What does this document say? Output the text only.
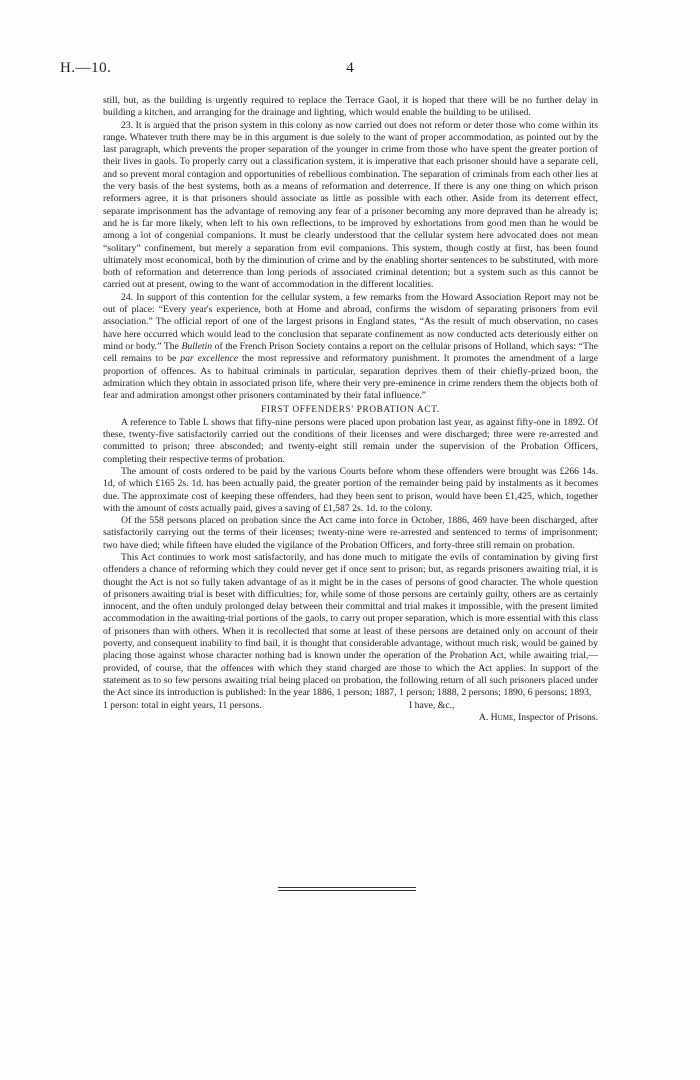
H.—10.	4

still, but, as the building is urgently required to replace the Terrace Gaol, it is hoped that there will be no further delay in building a kitchen, and arranging for the drainage and lighting, which would enable the building to be utilised.

23. It is argued that the prison system in this colony as now carried out does not reform or deter those who come within its range. Whatever truth there may be in this argument is due solely to the want of proper accommodation, as pointed out by the last paragraph, which prevents the proper separation of the younger in crime from those who have spent the greater portion of their lives in gaols. To properly carry out a classification system, it is imperative that each prisoner should have a separate cell, and so prevent moral contagion and opportunities of rebellious combination. The separation of criminals from each other lies at the very basis of the best systems, both as a means of reformation and deterrence. If there is any one thing on which prison reformers agree, it is that prisoners should associate as little as possible with each other. Aside from its deterrent effect, separate imprisonment has the advantage of removing any fear of a prisoner becoming any more depraved than he already is; and he is far more likely, when left to his own reflections, to be improved by exhortations from good men than he would be among a lot of congenial companions. It must be clearly understood that the cellular system here advocated does not mean “solitary” confinement, but merely a separation from evil companions. This system, though costly at first, has been found ultimately most economical, both by the diminution of crime and by the enabling shorter sentences to be substituted, with more both of reformation and deterrence than long periods of associated criminal detention; but a system such as this cannot be carried out at present, owing to the want of accommodation in the different localities.

24. In support of this contention for the cellular system, a few remarks from the Howard Association Report may not be out of place: “Every year's experience, both at Home and abroad, confirms the wisdom of separating prisoners from evil association.” The official report of one of the largest prisons in England states, “As the result of much observation, no cases have here occurred which would lead to the conclusion that separate confinement as now conducted acts deteriously either on mind or body.” The Bulletin of the French Prison Society contains a report on the cellular prisons of Holland, which says: “The cell remains to be par excellence the most repressive and reformatory punishment. It promotes the amendment of a large proportion of offences. As to habitual criminals in particular, separation deprives them of their chiefly-prized boon, the admiration which they obtain in associated prison life, where their very pre-eminence in crime renders them the objects both of fear and admiration amongst other prisoners contaminated by their fatal influence.”

FIRST OFFENDERS' PROBATION ACT.

A reference to Table L shows that fifty-nine persons were placed upon probation last year, as against fifty-one in 1892. Of these, twenty-five satisfactorily carried out the conditions of their licenses and were discharged; three were re-arrested and committed to prison; three absconded; and twenty-eight still remain under the supervision of the Probation Officers, completing their respective terms of probation.

The amount of costs ordered to be paid by the various Courts before whom these offenders were brought was £266 14s. 1d, of which £165 2s. 1d. has been actually paid, the greater portion of the remainder being paid by instalments as it becomes due. The approximate cost of keeping these offenders, had they been sent to prison, would have been £1,425, which, together with the amount of costs actually paid, gives a saving of £1,587 2s. 1d. to the colony.

Of the 558 persons placed on probation since the Act came into force in October, 1886, 469 have been discharged, after satisfactorily carrying out the terms of their licenses; twenty-nine were re-arrested and sentenced to terms of imprisonment; two have died; while fifteen have eluded the vigilance of the Probation Officers, and forty-three still remain on probation.

This Act continues to work most satisfactorily, and has done much to mitigate the evils of contamination by giving first offenders a chance of reforming which they could never get if once sent to prison; but, as regards prisoners awaiting trial, it is thought the Act is not so fully taken advantage of as it might be in the cases of persons of good character. The whole question of prisoners awaiting trial is beset with difficulties; for, while some of those persons are certainly guilty, others are as certainly innocent, and the often unduly prolonged delay between their committal and trial makes it impossible, with the present limited accommodation in the awaiting-trial portions of the gaols, to carry out proper separation, which is more essential with this class of prisoners than with others. When it is recollected that some at least of these persons are detained only on account of their poverty, and consequent inability to find bail, it is thought that considerable advantage, without much risk, would be gained by placing those against whose character nothing bad is known under the operation of the Probation Act, while awaiting trial,—provided, of course, that the offences with which they stand charged are those to which the Act applies. In support of the statement as to so few persons awaiting trial being placed on probation, the following return of all such prisoners placed under the Act since its introduction is published: In the year 1886, 1 person; 1887, 1 person; 1888, 2 persons; 1890, 6 persons; 1893,

1 person: total in eight years, 11 persons.	I have, &c.,
A. Hume, Inspector of Prisons.
